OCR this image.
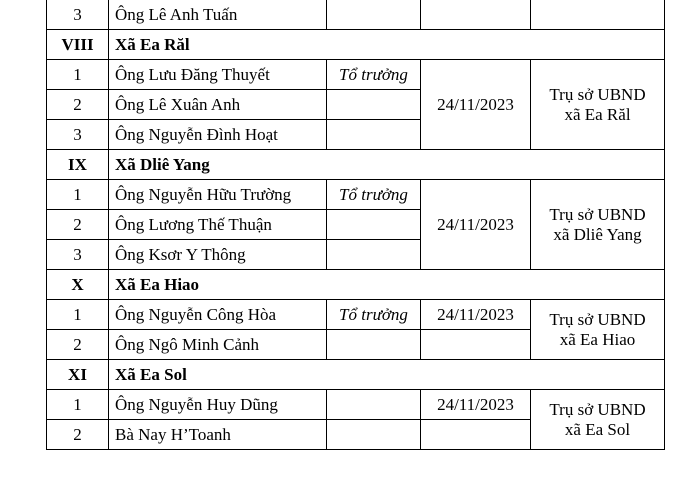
3	Ông Lê Anh Tuấn			
VIII	Xã Ea Răl			
1	Ông Lưu Đăng Thuyết	Tổ trưởng	24/11/2023	Trụ sở UBND
xã Ea Răl
2	Ông Lê Xuân Anh			
3	Ông Nguyễn Đình Hoạt			
IX	Xã Dliê Yang			
1	Ông Nguyễn Hữu Trường	Tổ trưởng	24/11/2023	Trụ sở UBND
xã Dliê Yang
2	Ông Lương Thế Thuận			
3	Ông Ksơr Y Thông			
X	Xã Ea Hiao			
1	Ông Nguyễn Công Hòa	Tổ trưởng	24/11/2023	Trụ sở UBND
xã Ea Hiao
2	Ông Ngô Minh Cảnh			
XI	Xã Ea Sol			
1	Ông Nguyễn Huy Dũng		24/11/2023	Trụ sở UBND
xã Ea Sol
2	Bà Nay H’Toanh			
